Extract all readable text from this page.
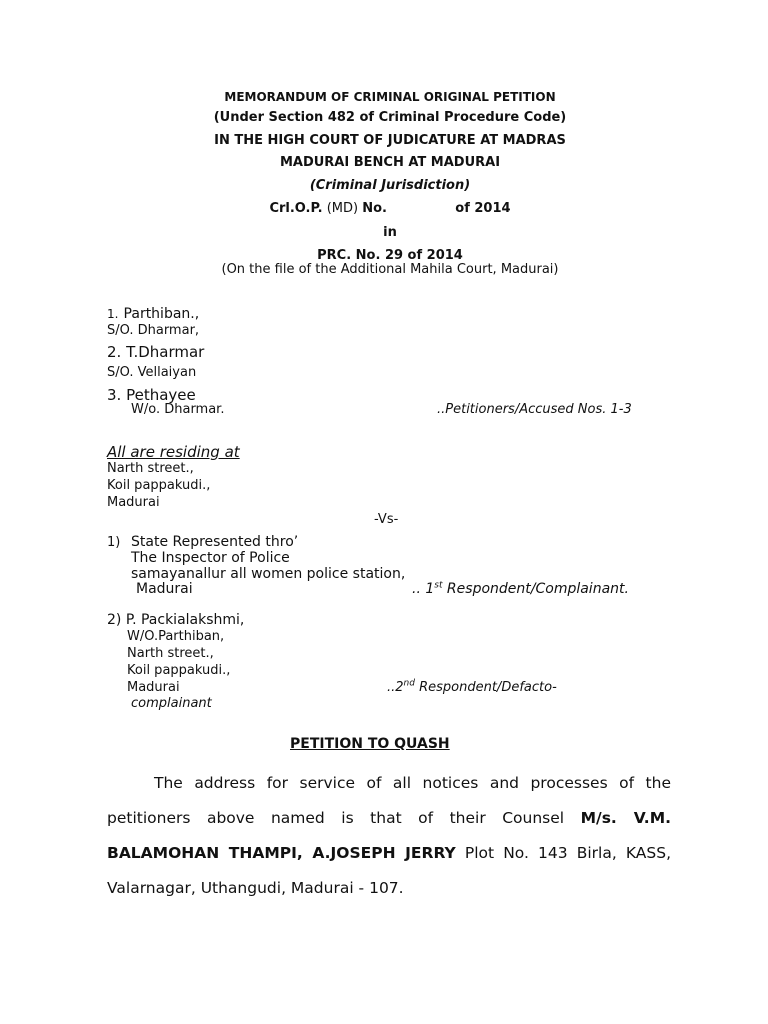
MEMORANDUM OF CRIMINAL ORIGINAL PETITION
(Under Section 482 of Criminal Procedure Code)
IN THE HIGH COURT OF JUDICATURE AT MADRAS
MADURAI BENCH AT MADURAI
(Criminal Jurisdiction)
Crl.O.P. (MD) No.	of 2014
in
PRC. No. 29 of 2014
(On the file of the Additional Mahila Court, Madurai)
1. Parthiban.,
S/O. Dharmar,
2. T.Dharmar
S/O. Vellaiyan
3. Pethayee
W/o. Dharmar.	..Petitioners/Accused Nos. 1-3
All are residing at
Narth street.,
Koil pappakudi.,
Madurai
-Vs-
1) State Represented thro’
The Inspector of Police
samayanallur all women police station,
Madurai	.. 1st Respondent/Complainant.
2) P. Packialakshmi,
W/O.Parthiban,
Narth street.,
Koil pappakudi.,
Madurai	..2nd Respondent/Defacto-
complainant
PETITION TO QUASH
The address for service of all notices and processes of the petitioners above named is that of their Counsel M/s. V.M. BALAMOHAN THAMPI, A.JOSEPH JERRY Plot No. 143 Birla, KASS, Valarnagar, Uthangudi, Madurai - 107.
